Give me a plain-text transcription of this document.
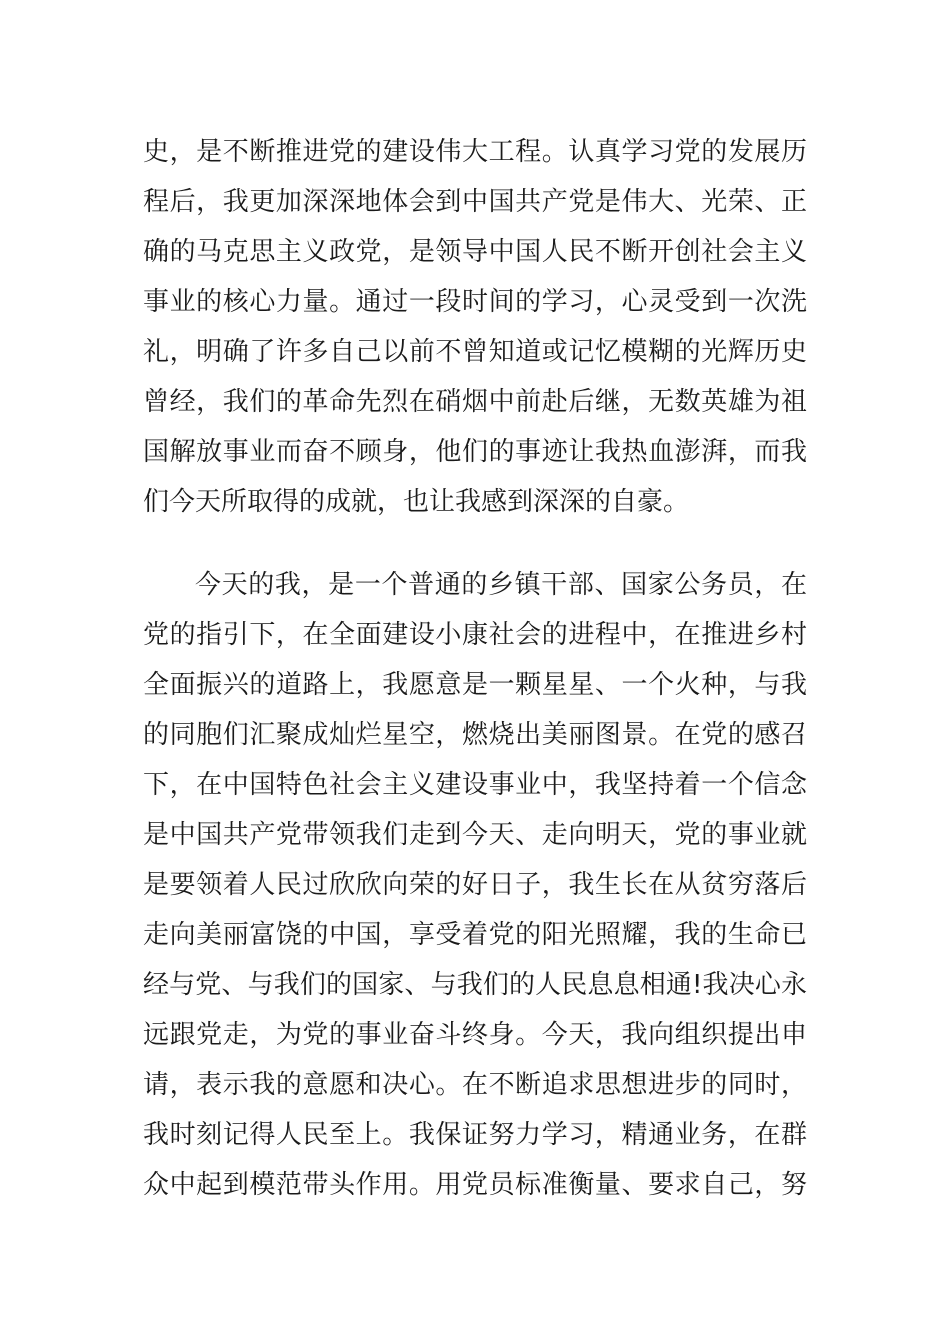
史，是不断推进党的建设伟大工程。认真学习党的发展历
程后，我更加深深地体会到中国共产党是伟大、光荣、正
确的马克思主义政党，是领导中国人民不断开创社会主义
事业的核心力量。通过一段时间的学习，心灵受到一次洗
礼，明确了许多自己以前不曾知道或记忆模糊的光辉历史
曾经，我们的革命先烈在硝烟中前赴后继，无数英雄为祖
国解放事业而奋不顾身，他们的事迹让我热血澎湃，而我
们今天所取得的成就，也让我感到深深的自豪。

今天的我，是一个普通的乡镇干部、国家公务员，在
党的指引下，在全面建设小康社会的进程中，在推进乡村
全面振兴的道路上，我愿意是一颗星星、一个火种，与我
的同胞们汇聚成灿烂星空，燃烧出美丽图景。在党的感召
下，在中国特色社会主义建设事业中，我坚持着一个信念
是中国共产党带领我们走到今天、走向明天，党的事业就
是要领着人民过欣欣向荣的好日子，我生长在从贫穷落后
走向美丽富饶的中国，享受着党的阳光照耀，我的生命已
经与党、与我们的国家、与我们的人民息息相通!我决心永
远跟党走，为党的事业奋斗终身。今天，我向组织提出申
请，表示我的意愿和决心。在不断追求思想进步的同时，
我时刻记得人民至上。我保证努力学习，精通业务，在群
众中起到模范带头作用。用党员标准衡量、要求自己，努
